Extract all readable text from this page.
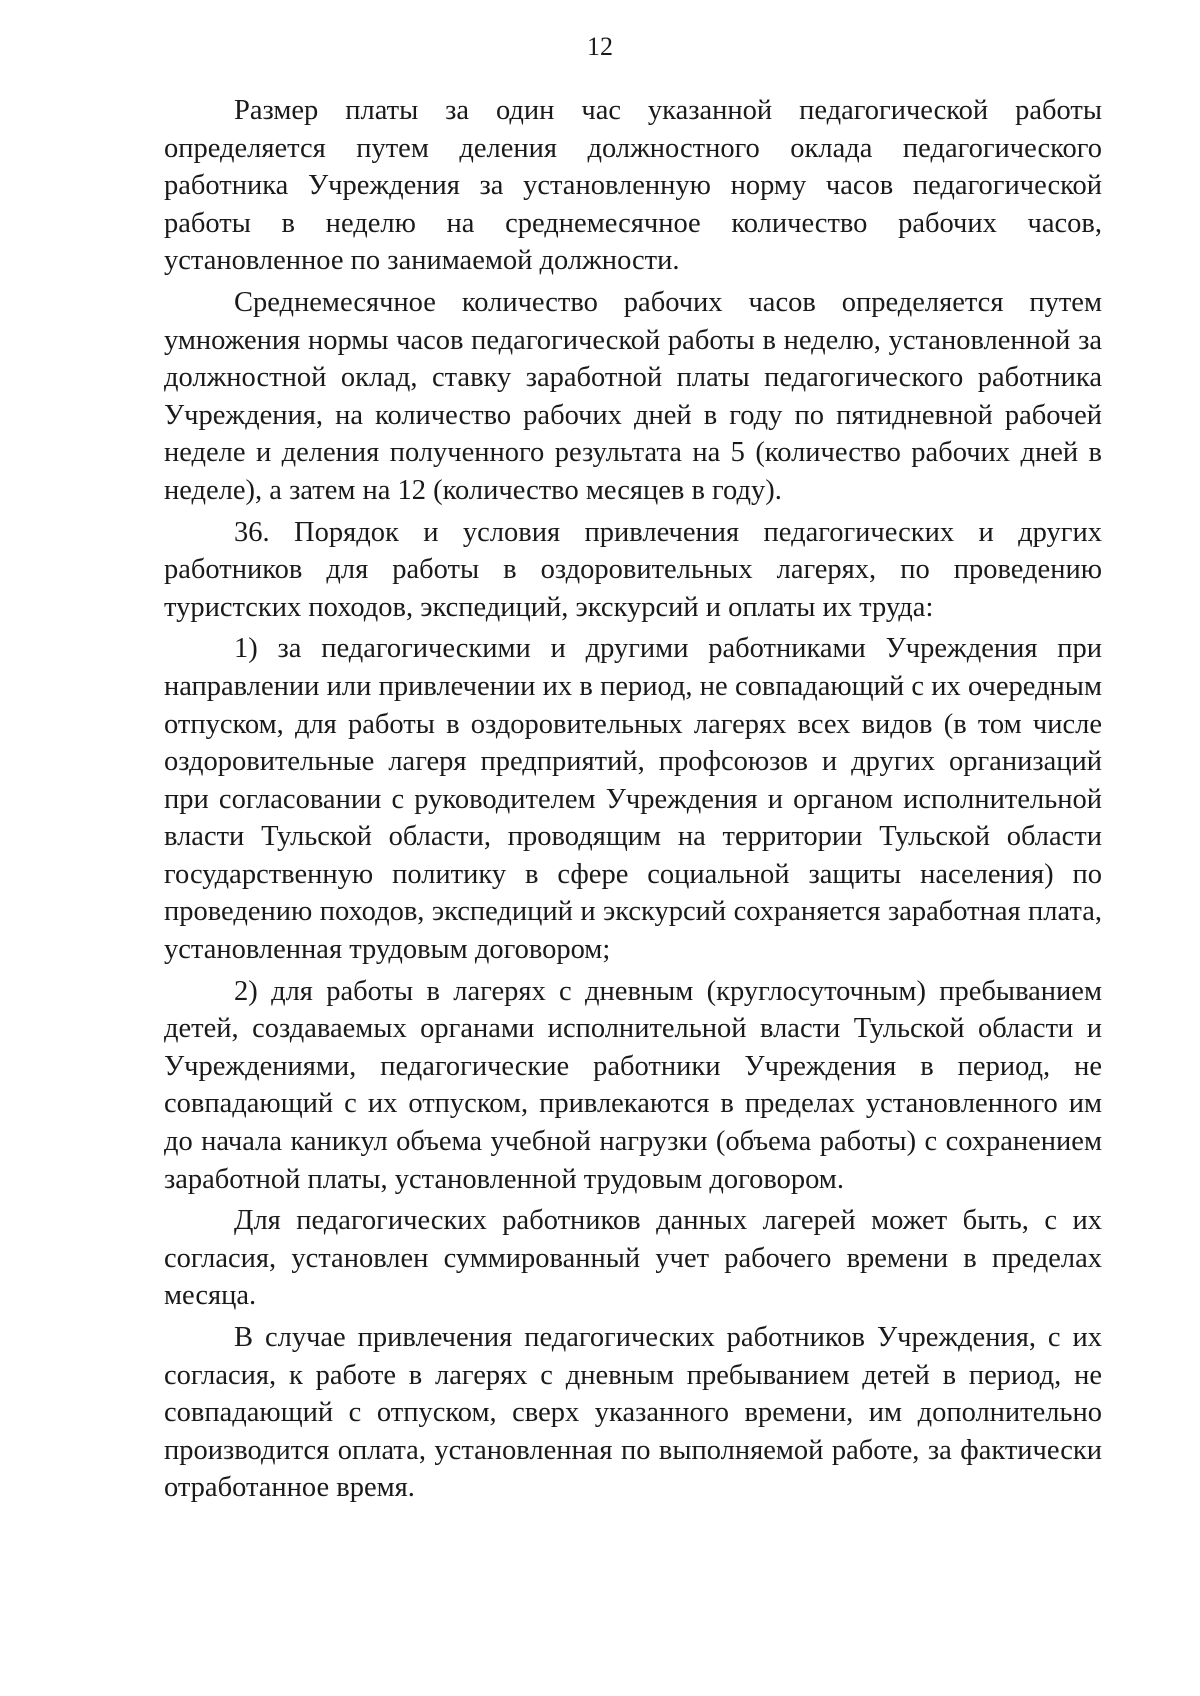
12

Размер платы за один час указанной педагогической работы определяется путем деления должностного оклада педагогического работника Учреждения за установленную норму часов педагогической работы в неделю на среднемесячное количество рабочих часов, установленное по занимаемой должности.

Среднемесячное количество рабочих часов определяется путем умножения нормы часов педагогической работы в неделю, установленной за должностной оклад, ставку заработной платы педагогического работника Учреждения, на количество рабочих дней в году по пятидневной рабочей неделе и деления полученного результата на 5 (количество рабочих дней в неделе), а затем на 12 (количество месяцев в году).

36. Порядок и условия привлечения педагогических и других работников для работы в оздоровительных лагерях, по проведению туристских походов, экспедиций, экскурсий и оплаты их труда:

1) за педагогическими и другими работниками Учреждения при направлении или привлечении их в период, не совпадающий с их очередным отпуском, для работы в оздоровительных лагерях всех видов (в том числе оздоровительные лагеря предприятий, профсоюзов и других организаций при согласовании с руководителем Учреждения и органом исполнительной власти Тульской области, проводящим на территории Тульской области государственную политику в сфере социальной защиты населения) по проведению походов, экспедиций и экскурсий сохраняется заработная плата, установленная трудовым договором;

2) для работы в лагерях с дневным (круглосуточным) пребыванием детей, создаваемых органами исполнительной власти Тульской области и Учреждениями, педагогические работники Учреждения в период, не совпадающий с их отпуском, привлекаются в пределах установленного им до начала каникул объема учебной нагрузки (объема работы) с сохранением заработной платы, установленной трудовым договором.

Для педагогических работников данных лагерей может быть, с их согласия, установлен суммированный учет рабочего времени в пределах месяца.

В случае привлечения педагогических работников Учреждения, с их согласия, к работе в лагерях с дневным пребыванием детей в период, не совпадающий с отпуском, сверх указанного времени, им дополнительно производится оплата, установленная по выполняемой работе, за фактически отработанное время.
